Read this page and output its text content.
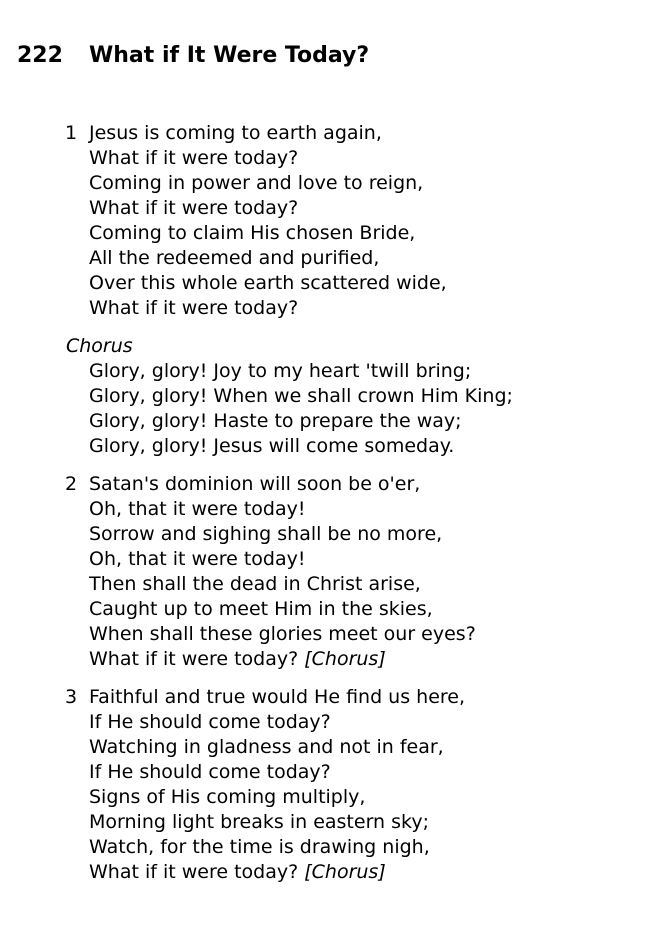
222 What if It Were Today?
1 Jesus is coming to earth again,
What if it were today?
Coming in power and love to reign,
What if it were today?
Coming to claim His chosen Bride,
All the redeemed and purified,
Over this whole earth scattered wide,
What if it were today?
Chorus
Glory, glory! Joy to my heart 'twill bring;
Glory, glory! When we shall crown Him King;
Glory, glory! Haste to prepare the way;
Glory, glory! Jesus will come someday.
2 Satan's dominion will soon be o'er,
Oh, that it were today!
Sorrow and sighing shall be no more,
Oh, that it were today!
Then shall the dead in Christ arise,
Caught up to meet Him in the skies,
When shall these glories meet our eyes?
What if it were today? [Chorus]
3 Faithful and true would He find us here,
If He should come today?
Watching in gladness and not in fear,
If He should come today?
Signs of His coming multiply,
Morning light breaks in eastern sky;
Watch, for the time is drawing nigh,
What if it were today? [Chorus]
